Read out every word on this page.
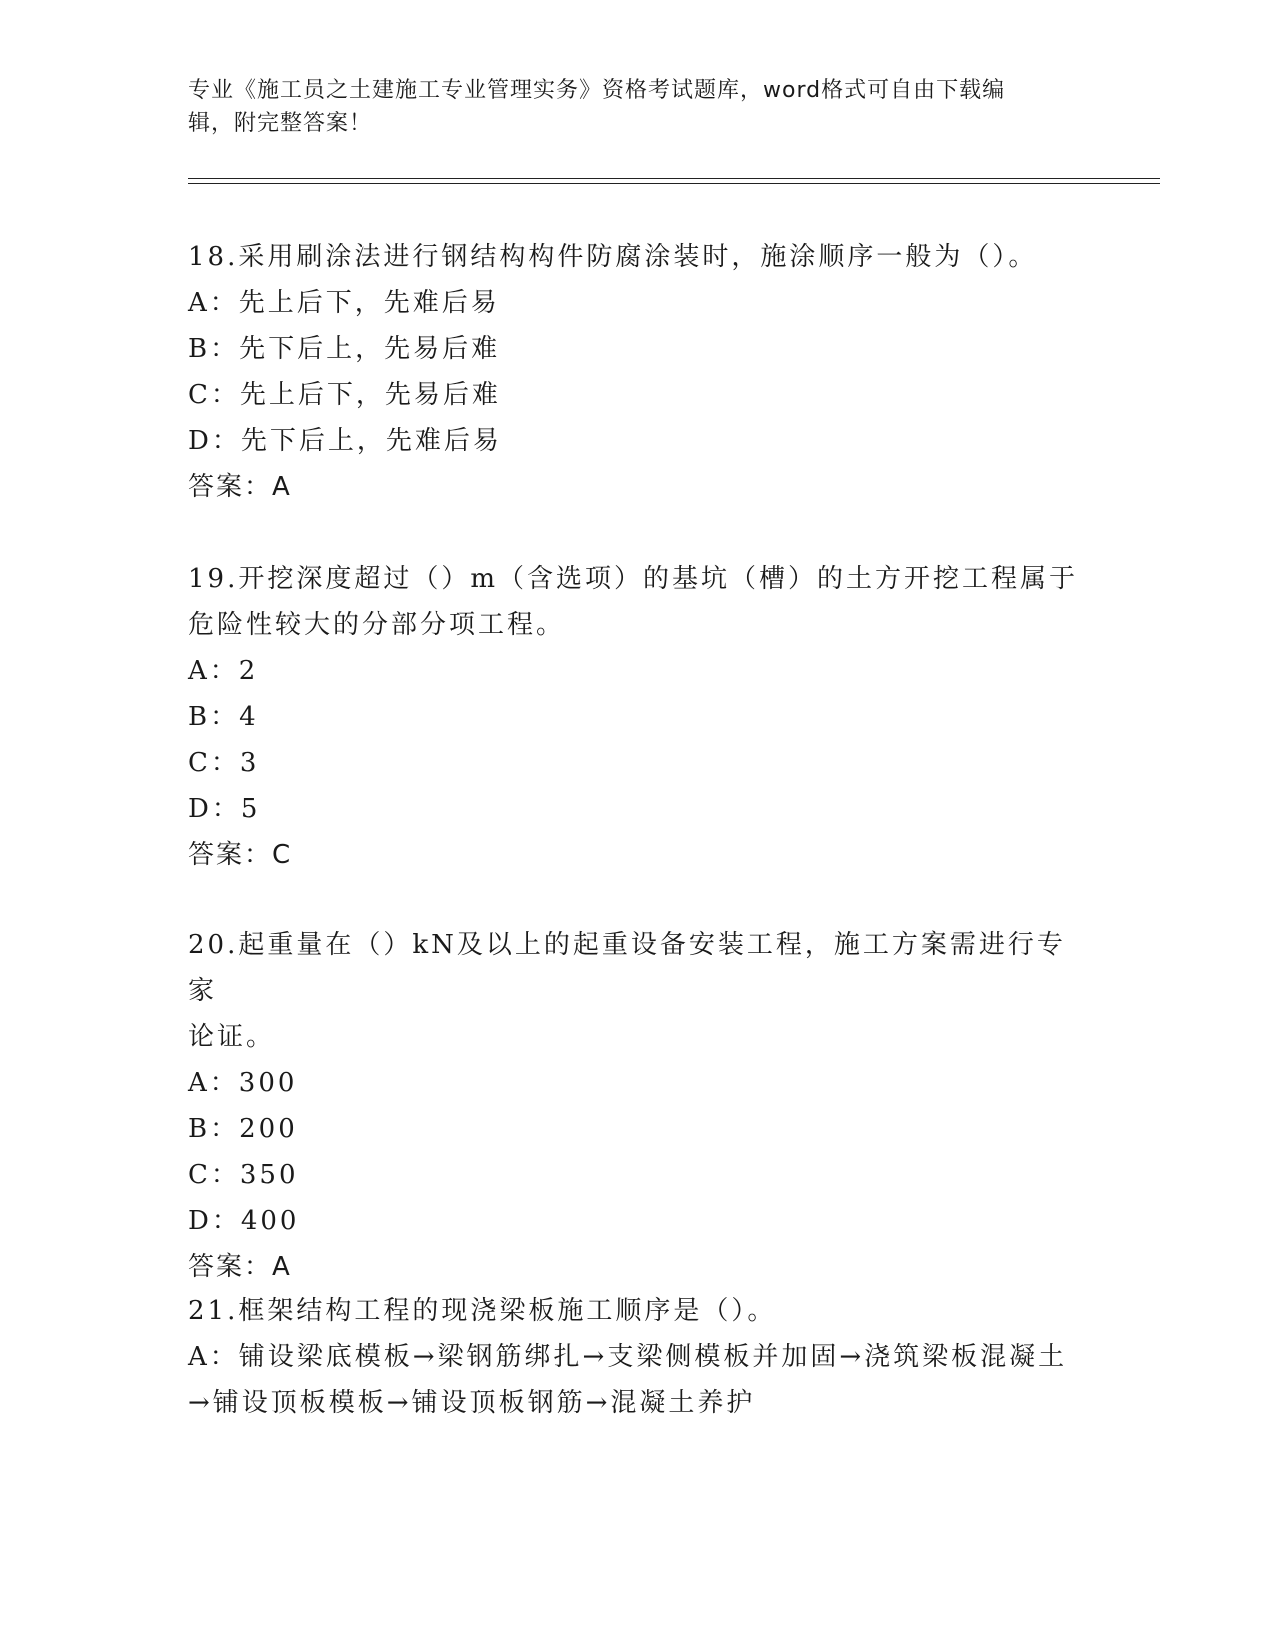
专业《施工员之土建施工专业管理实务》资格考试题库，word格式可自由下载编
辑，附完整答案！

18.采用刷涂法进行钢结构构件防腐涂装时，施涂顺序一般为（）。

A：先上后下，先难后易

B：先下后上，先易后难

C：先上后下，先易后难

D：先下后上，先难后易

答案：A

19.开挖深度超过（）m（含选项）的基坑（槽）的土方开挖工程属于

危险性较大的分部分项工程。

A：2

B：4

C：3

D：5

答案：C

20.起重量在（）kN及以上的起重设备安装工程，施工方案需进行专家

论证。

A：300

B：200

C：350

D：400

答案：A

21.框架结构工程的现浇梁板施工顺序是（）。

A：铺设梁底模板→梁钢筋绑扎→支梁侧模板并加固→浇筑梁板混凝土

→铺设顶板模板→铺设顶板钢筋→混凝土养护
